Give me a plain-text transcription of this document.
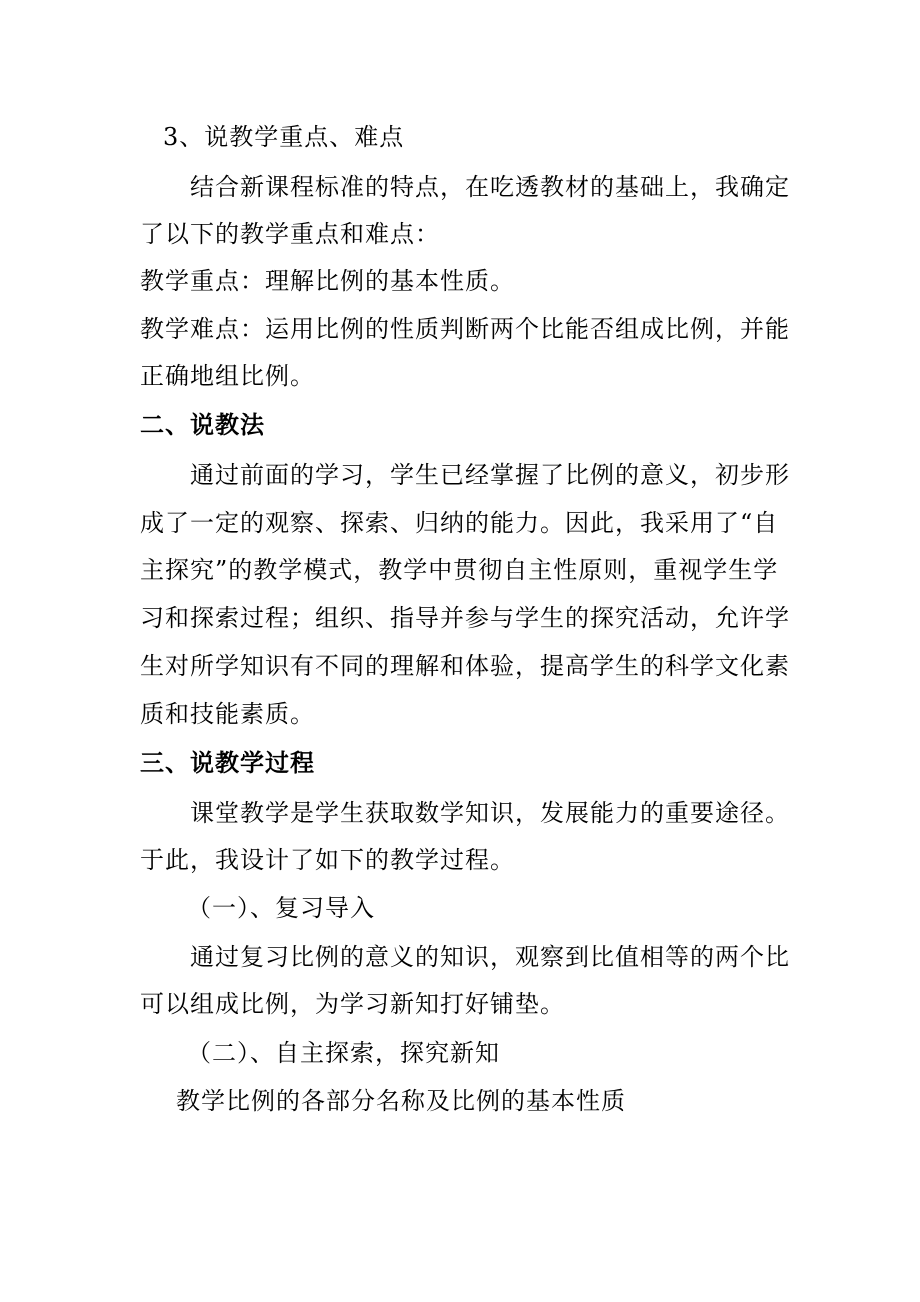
3、说教学重点、难点
结合新课程标准的特点，在吃透教材的基础上，我确定
了以下的教学重点和难点：
教学重点：理解比例的基本性质。
教学难点：运用比例的性质判断两个比能否组成比例，并能
正确地组比例。
二、说教法
通过前面的学习，学生已经掌握了比例的意义，初步形
成了一定的观察、探索、归纳的能力。因此，我采用了“自
主探究”的教学模式，教学中贯彻自主性原则，重视学生学
习和探索过程；组织、指导并参与学生的探究活动，允许学
生对所学知识有不同的理解和体验，提高学生的科学文化素
质和技能素质。
三、说教学过程
课堂教学是学生获取数学知识，发展能力的重要途径。
于此，我设计了如下的教学过程。
（一）、复习导入
通过复习比例的意义的知识，观察到比值相等的两个比
可以组成比例，为学习新知打好铺垫。
（二）、自主探索，探究新知
教学比例的各部分名称及比例的基本性质
